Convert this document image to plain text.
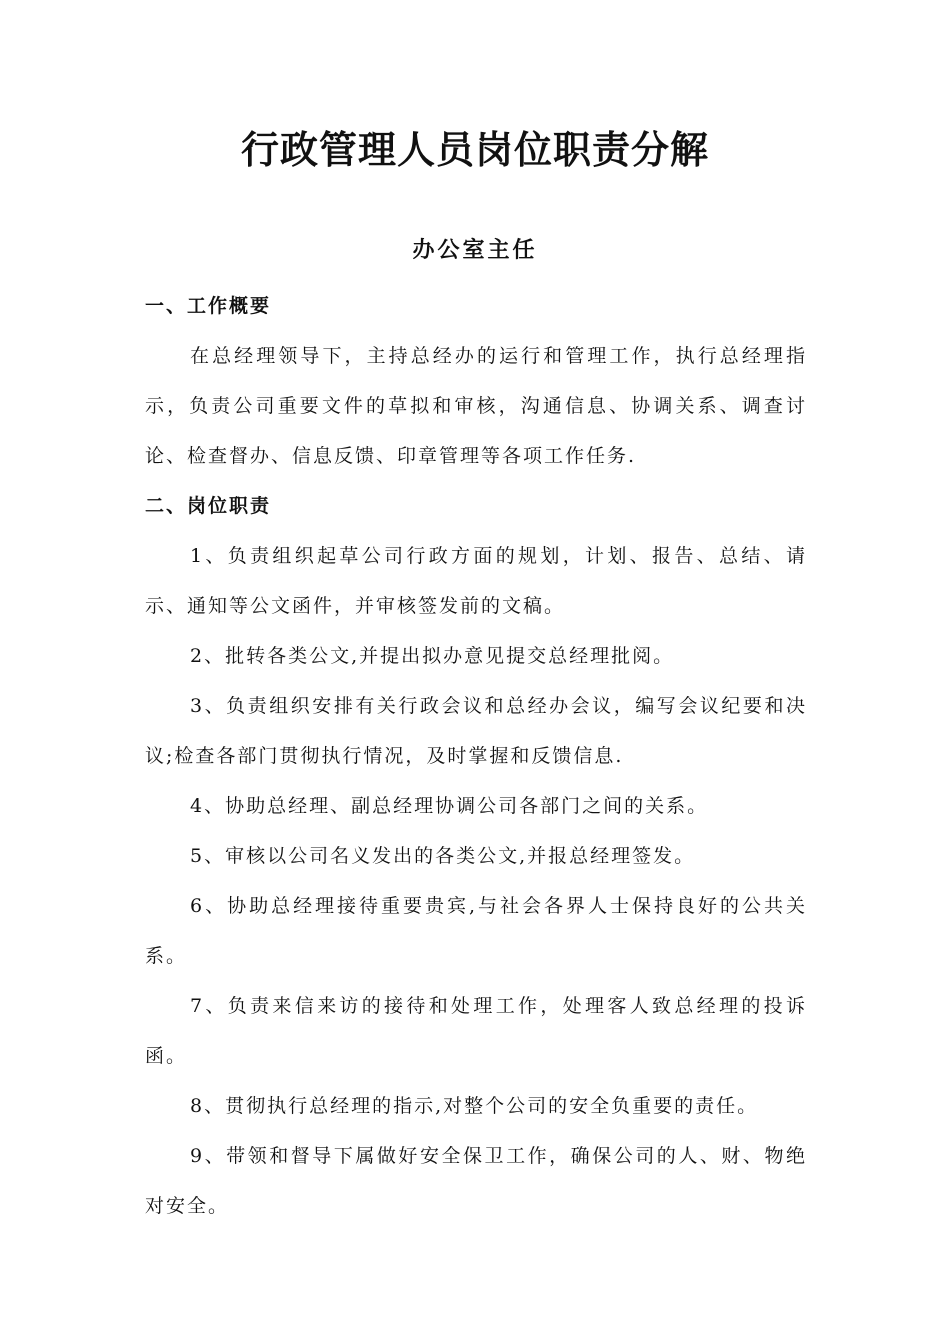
行政管理人员岗位职责分解
办公室主任

一、工作概要

在总经理领导下，主持总经办的运行和管理工作，执行总经理指示，负责公司重要文件的草拟和审核，沟通信息、协调关系、调查讨论、检查督办、信息反馈、印章管理等各项工作任务.

二、岗位职责

1、负责组织起草公司行政方面的规划，计划、报告、总结、请示、通知等公文函件，并审核签发前的文稿。

2、批转各类公文,并提出拟办意见提交总经理批阅。

3、负责组织安排有关行政会议和总经办会议，编写会议纪要和决议;检查各部门贯彻执行情况，及时掌握和反馈信息.

4、协助总经理、副总经理协调公司各部门之间的关系。

5、审核以公司名义发出的各类公文,并报总经理签发。

6、协助总经理接待重要贵宾,与社会各界人士保持良好的公共关系。

7、负责来信来访的接待和处理工作，处理客人致总经理的投诉函。

8、贯彻执行总经理的指示,对整个公司的安全负重要的责任。

9、带领和督导下属做好安全保卫工作，确保公司的人、财、物绝对安全。
